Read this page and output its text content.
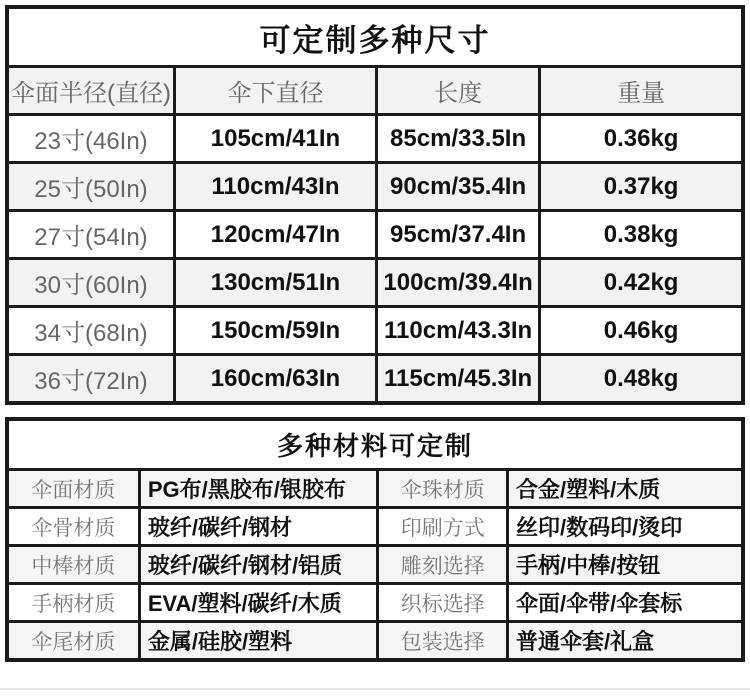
可定制多种尺寸
伞面半径(直径)	伞下直径	长度	重量
23寸(46In)	105cm/41In	85cm/33.5In	0.36kg
25寸(50In)	110cm/43In	90cm/35.4In	0.37kg
27寸(54In)	120cm/47In	95cm/37.4In	0.38kg
30寸(60In)	130cm/51In	100cm/39.4In	0.42kg
34寸(68In)	150cm/59In	110cm/43.3In	0.46kg
36寸(72In)	160cm/63In	115cm/45.3In	0.48kg
多种材料可定制
伞面材质	PG布/黑胶布/银胶布	伞珠材质	合金/塑料/木质
伞骨材质	玻纤/碳纤/钢材	印刷方式	丝印/数码印/烫印
中棒材质	玻纤/碳纤/钢材/铝质	雕刻选择	手柄/中棒/按钮
手柄材质	EVA/塑料/碳纤/木质	织标选择	伞面/伞带/伞套标
伞尾材质	金属/硅胶/塑料	包装选择	普通伞套/礼盒
